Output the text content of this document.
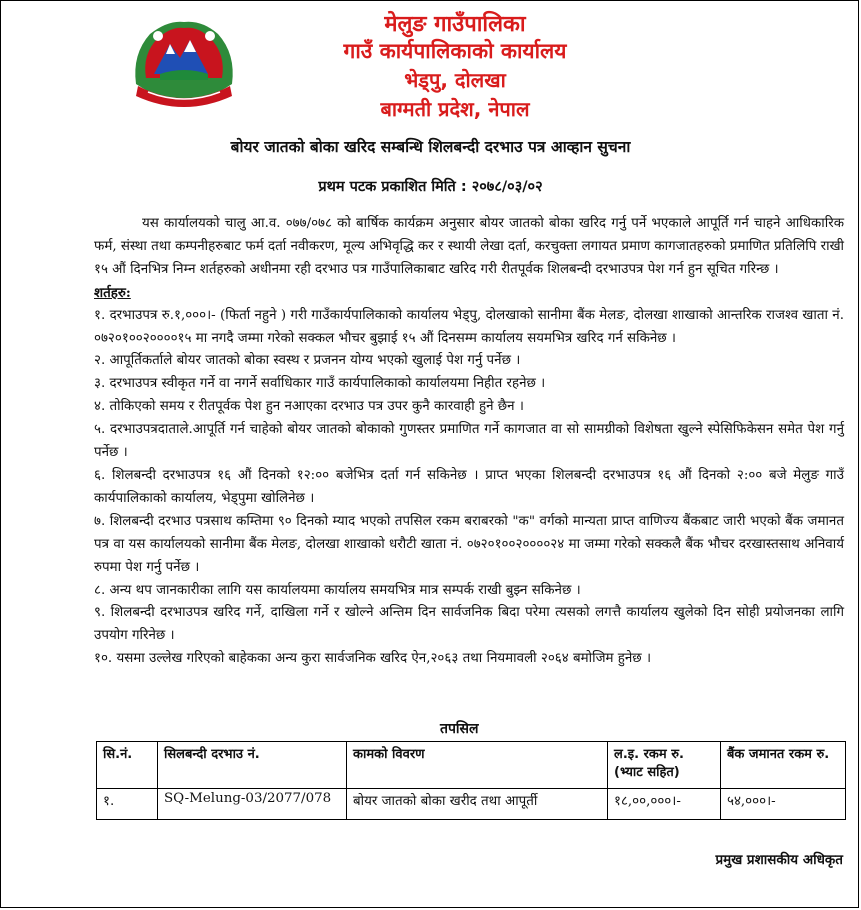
मेलुङ गाउँपालिका
गाउँ कार्यपालिकाको कार्यालय
भेड्पु, दोलखा
बाग्मती प्रदेश, नेपाल
बोयर जातको बोका खरिद सम्बन्धि शिलबन्दी दरभाउ पत्र आव्हान सुचना
प्रथम पटक प्रकाशित मिति : २०७८/०३/०२

यस कार्यालयको चालु आ.व. ०७७/०७८ को बार्षिक कार्यक्रम अनुसार बोयर जातको बोका खरिद गर्नु पर्ने भएकाले आपूर्ति गर्न चाहने आधिकारिक फर्म, संस्था तथा कम्पनीहरुबाट फर्म दर्ता नवीकरण, मूल्य अभिवृद्धि कर र स्थायी लेखा दर्ता, करचुक्ता लगायत प्रमाण कागजातहरुको प्रमाणित प्रतिलिपि राखी १५ औं दिनभित्र निम्न शर्तहरुको अधीनमा रही दरभाउ पत्र गाउँपालिकाबाट खरिद गरी रीतपूर्वक शिलबन्दी दरभाउपत्र पेश गर्न हुन सूचित गरिन्छ ।

शर्तहरु:

१. दरभाउपत्र रु.१,०००।- (फिर्ता नहुने ) गरी गाउँकार्यपालिकाको कार्यालय भेड्पु, दोलखाको सानीमा बैंक मेलङ, दोलखा शाखाको आन्तरिक राजश्व खाता नं. ०७२०१००२००००१५ मा नगदै जम्मा गरेको सक्कल भौचर बुझाई १५ औं दिनसम्म कार्यालय सयमभित्र खरिद गर्न सकिनेछ ।

२. आपूर्तिकर्ताले बोयर जातको बोका स्वस्थ र प्रजनन योग्य भएको खुलाई पेश गर्नु पर्नेछ ।

३. दरभाउपत्र स्वीकृत गर्ने वा नगर्ने सर्वाधिकार गाउँ कार्यपालिकाको कार्यालयमा निहीत रहनेछ ।

४. तोकिएको समय र रीतपूर्वक पेश हुन नआएका दरभाउ पत्र उपर कुनै कारवाही हुने छैन ।

५. दरभाउपत्रदाताले.आपूर्ति गर्न चाहेको बोयर जातको बोकाको गुणस्तर प्रमाणित गर्ने कागजात वा सो सामग्रीको विशेषता खुल्ने स्पेसिफिकेसन समेत पेश गर्नु पर्नेछ ।

६. शिलबन्दी दरभाउपत्र १६ औं दिनको १२:०० बजेभित्र दर्ता गर्न सकिनेछ । प्राप्त भएका शिलबन्दी दरभाउपत्र १६ औं दिनको २:०० बजे मेलुङ गाउँ कार्यपालिकाको कार्यालय, भेड्पुमा खोलिनेछ ।

७. शिलबन्दी दरभाउ पत्रसाथ कम्तिमा ९० दिनको म्याद भएको तपसिल रकम बराबरको "क" वर्गको मान्यता प्राप्त वाणिज्य बैंकबाट जारी भएको बैंक जमानत पत्र वा यस कार्यालयको सानीमा बैंक मेलङ, दोलखा शाखाको धरौटी खाता नं. ०७२०१००२००००२४ मा जम्मा गरेको सक्कलै बैंक भौचर दरखास्तसाथ अनिवार्य रुपमा पेश गर्नु पर्नेछ ।

८. अन्य थप जानकारीका लागि यस कार्यालयमा कार्यालय समयभित्र मात्र सम्पर्क राखी बुझ्न सकिनेछ ।

९. शिलबन्दी दरभाउपत्र खरिद गर्ने, दाखिला गर्ने र खोल्ने अन्तिम दिन सार्वजनिक बिदा परेमा त्यसको लगत्तै कार्यालय खुलेको दिन सोही प्रयोजनका लागि उपयोग गरिनेछ ।

१०. यसमा उल्लेख गरिएको बाहेकका अन्य कुरा सार्वजनिक खरिद ऐन,२०६३ तथा नियमावली २०६४ बमोजिम हुनेछ ।

तपसिल
सि.नं.	सिलबन्दी दरभाउ नं.	कामको विवरण	ल.इ. रकम रु. (भ्याट सहित)	बैंक जमानत रकम रु.
१.	SQ-Melung-03/2077/078	बोयर जातको बोका खरीद तथा आपूर्ती	१८,००,०००।-	५४,०००।-
प्रमुख प्रशासकीय अधिकृत
